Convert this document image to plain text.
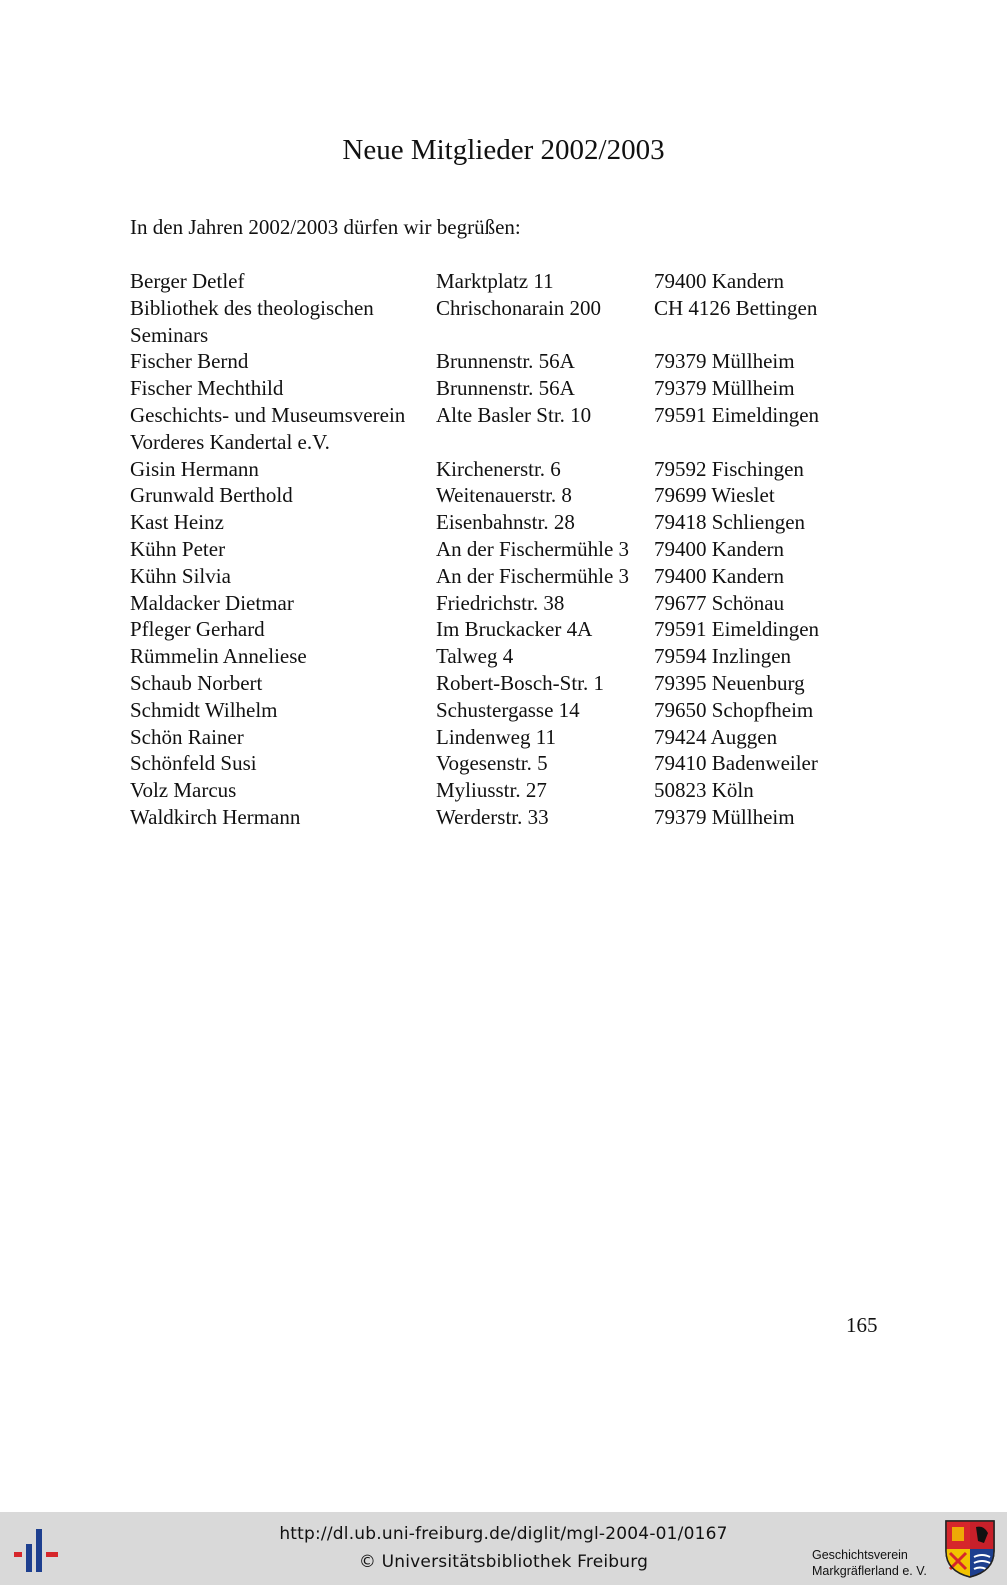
Neue Mitglieder 2002/2003
In den Jahren 2002/2003 dürfen wir begrüßen:
Berger Detlef	Marktplatz 11	79400 Kandern
Bibliothek des theologischen	Chrischonarain 200	CH 4126 Bettingen
Seminars
Fischer Bernd	Brunnenstr. 56A	79379 Müllheim
Fischer Mechthild	Brunnenstr. 56A	79379 Müllheim
Geschichts- und Museumsverein	Alte Basler Str. 10	79591 Eimeldingen
Vorderes Kandertal e.V.
Gisin Hermann	Kirchenerstr. 6	79592 Fischingen
Grunwald Berthold	Weitenauerstr. 8	79699 Wieslet
Kast Heinz	Eisenbahnstr. 28	79418 Schliengen
Kühn Peter	An der Fischermühle 3	79400 Kandern
Kühn Silvia	An der Fischermühle 3	79400 Kandern
Maldacker Dietmar	Friedrichstr. 38	79677 Schönau
Pfleger Gerhard	Im Bruckacker 4A	79591 Eimeldingen
Rümmelin Anneliese	Talweg 4	79594 Inzlingen
Schaub Norbert	Robert-Bosch-Str. 1	79395 Neuenburg
Schmidt Wilhelm	Schustergasse 14	79650 Schopfheim
Schön Rainer	Lindenweg 11	79424 Auggen
Schönfeld Susi	Vogesenstr. 5	79410 Badenweiler
Volz Marcus	Myliusstr. 27	50823 Köln
Waldkirch Hermann	Werderstr. 33	79379 Müllheim
165
http://dl.ub.uni-freiburg.de/diglit/mgl-2004-01/0167
© Universitätsbibliothek Freiburg	Geschichtsverein
Markgräflerland e. V.
